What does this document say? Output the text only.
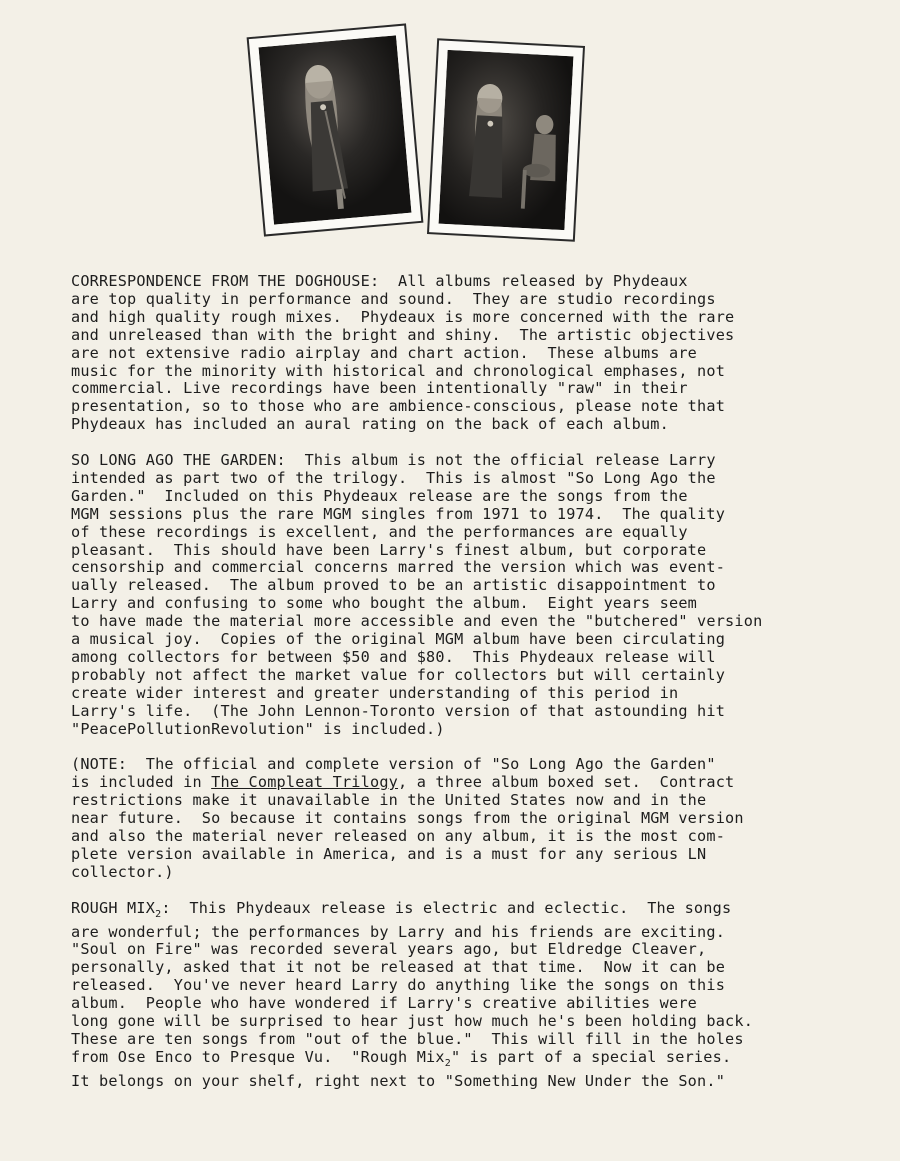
CORRESPONDENCE FROM THE DOGHOUSE:  All albums released by Phydeaux
are top quality in performance and sound.  They are studio recordings
and high quality rough mixes.  Phydeaux is more concerned with the rare
and unreleased than with the bright and shiny.  The artistic objectives
are not extensive radio airplay and chart action.  These albums are
music for the minority with historical and chronological emphases, not
commercial. Live recordings have been intentionally "raw" in their
presentation, so to those who are ambience-conscious, please note that
Phydeaux has included an aural rating on the back of each album.
SO LONG AGO THE GARDEN:  This album is not the official release Larry
intended as part two of the trilogy.  This is almost "So Long Ago the
Garden."  Included on this Phydeaux release are the songs from the
MGM sessions plus the rare MGM singles from 1971 to 1974.  The quality
of these recordings is excellent, and the performances are equally
pleasant.  This should have been Larry's finest album, but corporate
censorship and commercial concerns marred the version which was event-
ually released.  The album proved to be an artistic disappointment to
Larry and confusing to some who bought the album.  Eight years seem
to have made the material more accessible and even the "butchered" version
a musical joy.  Copies of the original MGM album have been circulating
among collectors for between $50 and $80.  This Phydeaux release will
probably not affect the market value for collectors but will certainly
create wider interest and greater understanding of this period in
Larry's life.  (The John Lennon-Toronto version of that astounding hit
"PeacePollutionRevolution" is included.)
(NOTE:  The official and complete version of "So Long Ago the Garden"
is included in The Compleat Trilogy, a three album boxed set.  Contract
restrictions make it unavailable in the United States now and in the
near future.  So because it contains songs from the original MGM version
and also the material never released on any album, it is the most com-
plete version available in America, and is a must for any serious LN
collector.)
ROUGH $MIX_2$:  This Phydeaux release is electric and eclectic.  The songs
are wonderful; the performances by Larry and his friends are exciting.
"Soul on Fire" was recorded several years ago, but Eldredge Cleaver,
personally, asked that it not be released at that time.  Now it can be
released.  You've never heard Larry do anything like the songs on this
album.  People who have wondered if Larry's creative abilities were
long gone will be surprised to hear just how much he's been holding back.
These are ten songs from "out of the blue."  This will fill in the holes
from Ose Enco to Presque Vu.  "Rough Mix$_2$" is part of a special series.
It belongs on your shelf, right next to "Something New Under the Son."
